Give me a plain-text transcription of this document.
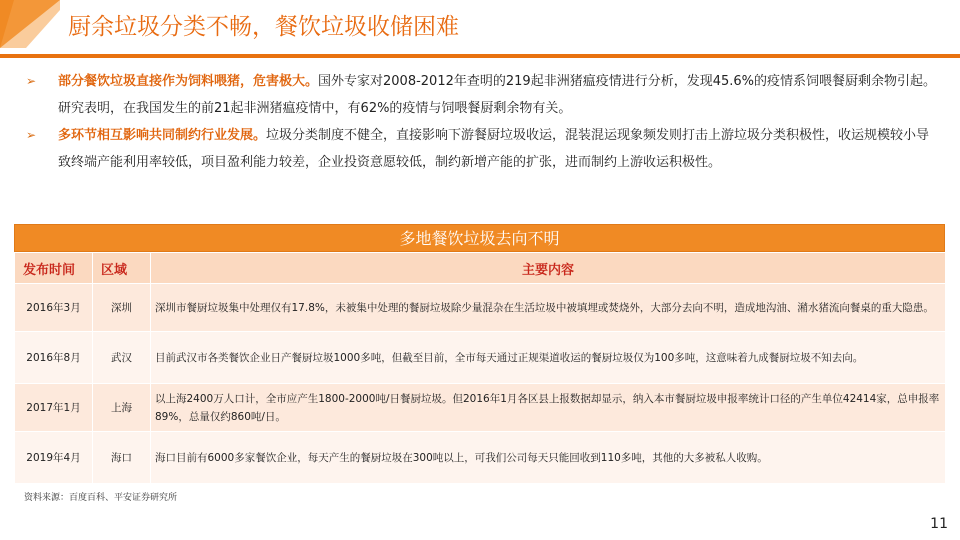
厨余垃圾分类不畅，餐饮垃圾收储困难
➢ 部分餐饮垃圾直接作为饲料喂猪，危害极大。国外专家对2008-2012年查明的219起非洲猪瘟疫情进行分析，发现45.6%的疫情系饲喂餐厨剩余物引起。研究表明，在我国发生的前21起非洲猪瘟疫情中，有62%的疫情与饲喂餐厨剩余物有关。
➢ 多环节相互影响共同制约行业发展。垃圾分类制度不健全，直接影响下游餐厨垃圾收运，混装混运现象频发则打击上游垃圾分类积极性，收运规模较小导致终端产能利用率较低，项目盈利能力较差，企业投资意愿较低，制约新增产能的扩张，进而制约上游收运积极性。
多地餐饮垃圾去向不明
发布时间	区域	主要内容
2016年3月	深圳	深圳市餐厨垃圾集中处理仅有17.8%，未被集中处理的餐厨垃圾除少量混杂在生活垃圾中被填埋或焚烧外，大部分去向不明，造成地沟油、潲水猪流向餐桌的重大隐患。
2016年8月	武汉	目前武汉市各类餐饮企业日产餐厨垃圾1000多吨，但截至目前，全市每天通过正规渠道收运的餐厨垃圾仅为100多吨，这意味着九成餐厨垃圾不知去向。
2017年1月	上海	以上海2400万人口计，全市应产生1800-2000吨/日餐厨垃圾。但2016年1月各区县上报数据却显示，纳入本市餐厨垃圾申报率统计口径的产生单位42414家，总申报率89%，总量仅约860吨/日。
2019年4月	海口	海口目前有6000多家餐饮企业，每天产生的餐厨垃圾在300吨以上，可我们公司每天只能回收到110多吨，其他的大多被私人收购。
资料来源：百度百科、平安证券研究所
11
